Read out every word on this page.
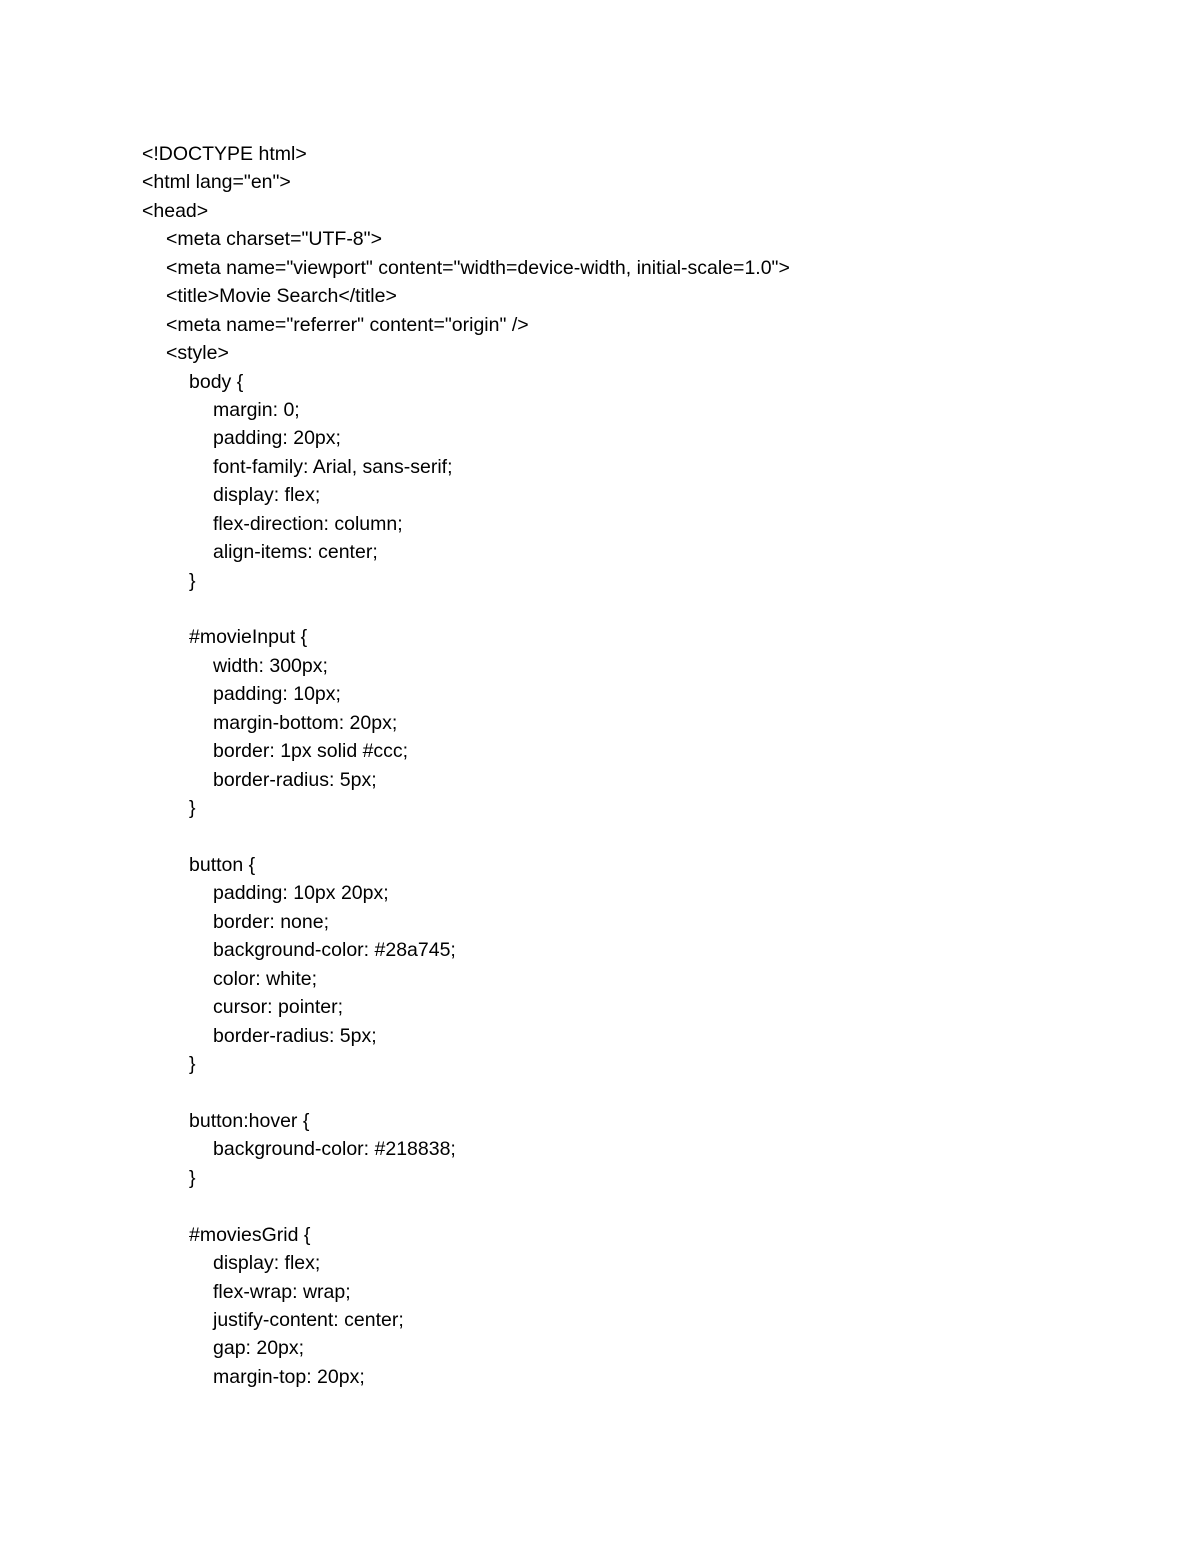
<!DOCTYPE html>
<html lang="en">
<head>
<meta charset="UTF-8">
<meta name="viewport" content="width=device-width, initial-scale=1.0">
<title>Movie Search</title>
<meta name="referrer" content="origin" />
<style>
body {
margin: 0;
padding: 20px;
font-family: Arial, sans-serif;
display: flex;
flex-direction: column;
align-items: center;
}
#movieInput {
width: 300px;
padding: 10px;
margin-bottom: 20px;
border: 1px solid #ccc;
border-radius: 5px;
}
button {
padding: 10px 20px;
border: none;
background-color: #28a745;
color: white;
cursor: pointer;
border-radius: 5px;
}
button:hover {
background-color: #218838;
}
#moviesGrid {
display: flex;
flex-wrap: wrap;
justify-content: center;
gap: 20px;
margin-top: 20px;
